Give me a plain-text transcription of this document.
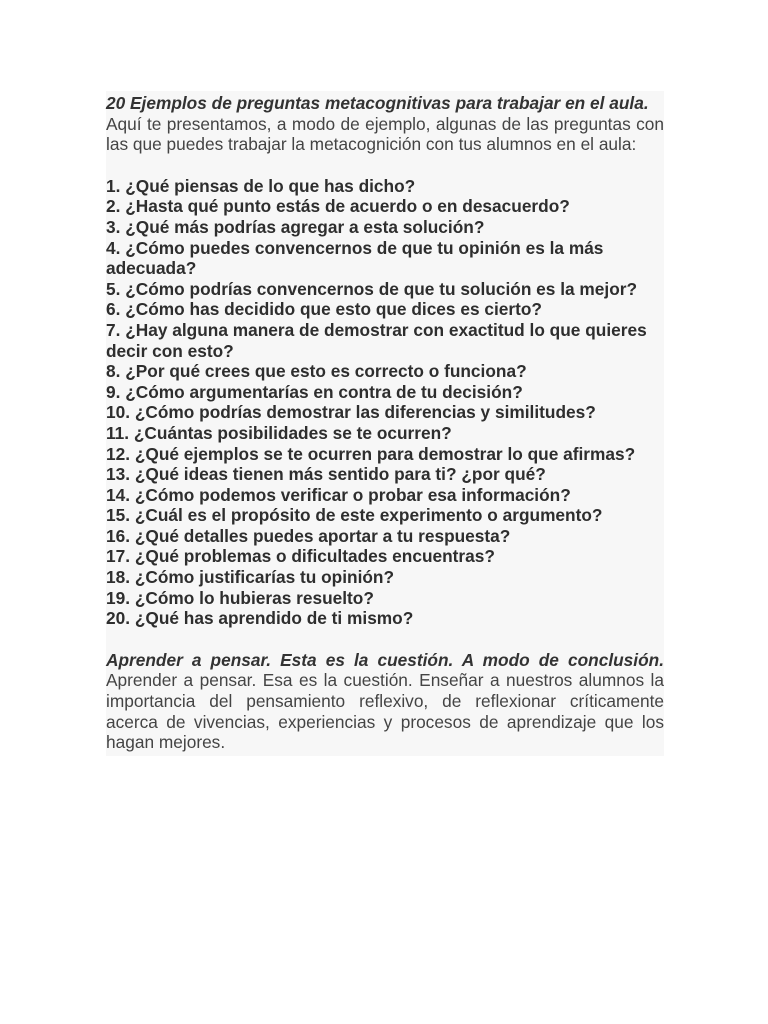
20 Ejemplos de preguntas metacognitivas para trabajar en el aula.
Aquí te presentamos, a modo de ejemplo, algunas de las preguntas con las que puedes trabajar la metacognición con tus alumnos en el aula:
1. ¿Qué piensas de lo que has dicho?
2. ¿Hasta qué punto estás de acuerdo o en desacuerdo?
3. ¿Qué más podrías agregar a esta solución?
4. ¿Cómo puedes convencernos de que tu opinión es la más adecuada?
5. ¿Cómo podrías convencernos de que tu solución es la mejor?
6. ¿Cómo has decidido que esto que dices es cierto?
7. ¿Hay alguna manera de demostrar con exactitud lo que quieres decir con esto?
8. ¿Por qué crees que esto es correcto o funciona?
9. ¿Cómo argumentarías en contra de tu decisión?
10. ¿Cómo podrías demostrar las diferencias y similitudes?
11. ¿Cuántas posibilidades se te ocurren?
12. ¿Qué ejemplos se te ocurren para demostrar lo que afirmas?
13. ¿Qué ideas tienen más sentido para ti? ¿por qué?
14. ¿Cómo podemos verificar o probar esa información?
15. ¿Cuál es el propósito de este experimento o argumento?
16. ¿Qué detalles puedes aportar a tu respuesta?
17. ¿Qué problemas o dificultades encuentras?
18. ¿Cómo justificarías tu opinión?
19. ¿Cómo lo hubieras resuelto?
20. ¿Qué has aprendido de ti mismo?
Aprender a pensar. Esta es la cuestión. A modo de conclusión.
Aprender a pensar. Esa es la cuestión. Enseñar a nuestros alumnos la importancia del pensamiento reflexivo, de reflexionar críticamente acerca de vivencias, experiencias y procesos de aprendizaje que los hagan mejores.
